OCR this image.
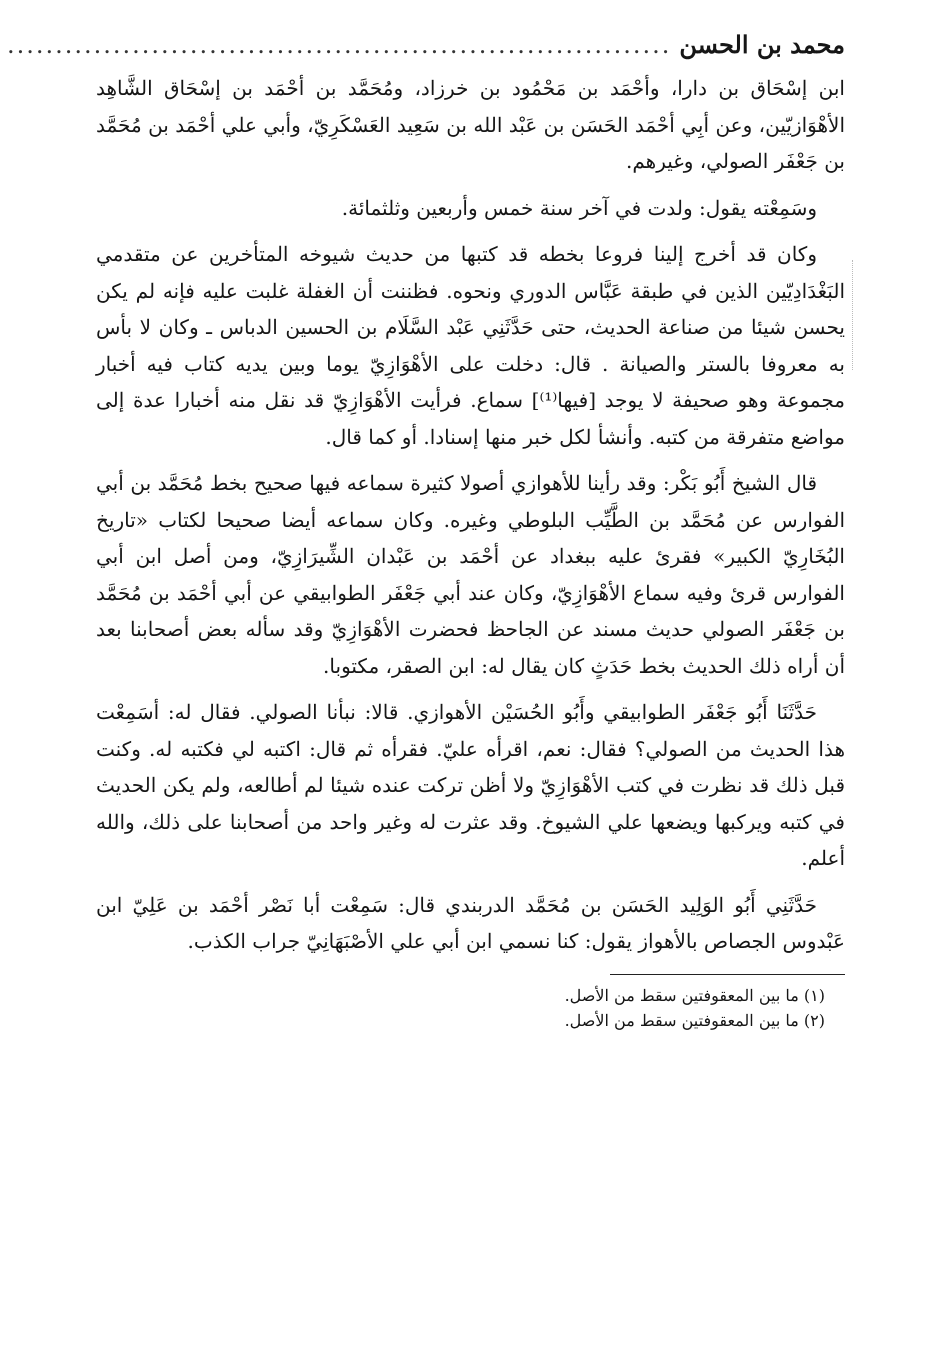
محمد بن الحسن
.....................................................................

ابن إسْحَاق بن دارا، وأحْمَد بن مَحْمُود بن خرزاد، ومُحَمَّد بن أحْمَد بن إسْحَاق الشَّاهِد الأهْوَازيّين، وعن أبِي أحْمَد الحَسَن بن عَبْد الله بن سَعِيد العَسْكَرِيّ، وأبي علي أحْمَد بن مُحَمَّد بن جَعْفَر الصولي، وغيرهم.

وسَمِعْته يقول: ولدت في آخر سنة خمس وأربعين وثلثمائة.

وكان قد أخرج إلينا فروعا بخطه قد كتبها من حديث شيوخه المتأخرين عن متقدمي البَغْدَادِيّين الذين في طبقة عَبَّاس الدوري ونحوه. فظننت أن الغفلة غلبت عليه فإنه لم يكن يحسن شيئا من صناعة الحديث، حتى حَدَّثَنِي عَبْد السَّلَام بن الحسين الدباس ـ وكان لا بأس به معروفا بالستر والصيانة . قال: دخلت على الأهْوَازِيّ يوما وبين يديه كتاب فيه أخبار مجموعة وهو صحيفة لا يوجد [فيها⁽¹⁾] سماع. فرأيت الأهْوَازِيّ قد نقل منه أخبارا عدة إلى مواضع متفرقة من كتبه. وأنشأ لكل خبر منها إسنادا. أو كما قال.

قال الشيخ أَبُو بَكْر: وقد رأينا للأهوازي أصولا كثيرة سماعه فيها صحيح بخط مُحَمَّد بن أبي الفوارس عن مُحَمَّد بن الطَّيِّب البلوطي وغيره. وكان سماعه أيضا صحيحا لكتاب «تاريخ البُخَارِيّ الكبير» فقرئ عليه ببغداد عن أحْمَد بن عَبْدان الشِّيرَازِيّ، ومن أصل ابن أبي الفوارس قرئ وفيه سماع الأهْوَازِيّ، وكان عند أبي جَعْفَر الطوابيقي عن أبي أحْمَد بن مُحَمَّد بن جَعْفَر الصولي حديث مسند عن الجاحظ فحضرت الأهْوَازِيّ وقد سأله بعض أصحابنا بعد أن أراه ذلك الحديث بخط حَدَثٍ كان يقال له: ابن الصقر، مكتوبا.

حَدَّثَنَا أَبُو جَعْفَر الطوابيقي وأَبُو الحُسَيْن الأهوازي. قالا: نبأنا الصولي. فقال له: أسَمِعْت هذا الحديث من الصولي؟ فقال: نعم، اقرأه عليّ. فقرأه ثم قال: اكتبه لي فكتبه له. وكنت قبل ذلك قد نظرت في كتب الأهْوَازِيّ ولا أظن تركت عنده شيئا لم أطالعه، ولم يكن الحديث في كتبه ويركبها ويضعها علي الشيوخ. وقد عثرت له وغير واحد من أصحابنا على ذلك، والله أعلم.

حَدَّثَنِي أَبُو الوَلِيد الحَسَن بن مُحَمَّد الدربندي قال: سَمِعْت أبا نَصْر أحْمَد بن عَلِيّ ابن عَبْدوس الجصاص بالأهواز يقول: كنا نسمي ابن أبي علي الأصْبَهَانِيّ جراب الكذب.

(١) ما بين المعقوفتين سقط من الأصل.
(٢) ما بين المعقوفتين سقط من الأصل.
